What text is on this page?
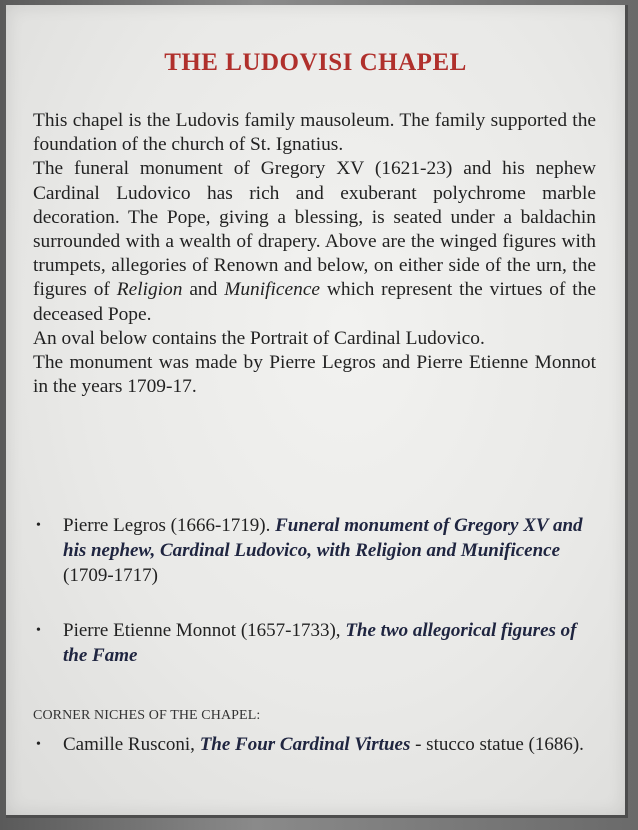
THE LUDOVISI CHAPEL

This chapel is the Ludovis family mausoleum. The family supported the foundation of the church of St. Ignatius.

The funeral monument of Gregory XV (1621-23) and his nephew Cardinal Ludovico has rich and exuberant polychrome marble decoration. The Pope, giving a blessing, is seated under a baldachin surrounded with a wealth of drapery. Above are the winged figures with trumpets, allegories of Renown and below, on either side of the urn, the figures of Religion and Munificence which represent the virtues of the deceased Pope.

An oval below contains the Portrait of Cardinal Ludovico.

The monument was made by Pierre Legros and Pierre Etienne Monnot in the years 1709-17.

• Pierre Legros (1666-1719). Funeral monument of Gregory XV and his nephew, Cardinal Ludovico, with Religion and Munificence (1709-1717)

• Pierre Etienne Monnot (1657-1733), The two allegorical figures of the Fame

CORNER NICHES OF THE CHAPEL:

• Camille Rusconi, The Four Cardinal Virtues - stucco statue (1686).
